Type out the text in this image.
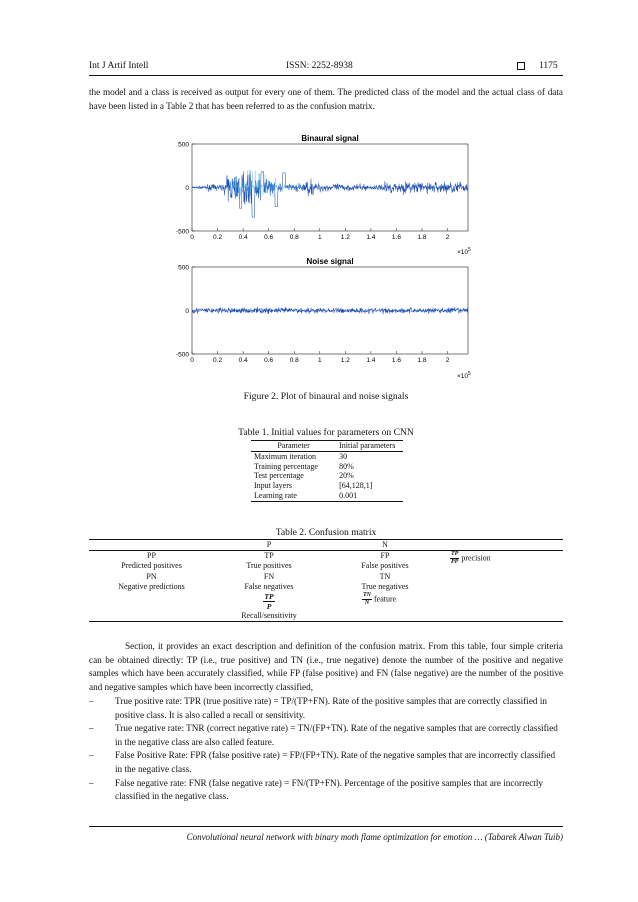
Int J Artif Intell	ISSN: 2252-8938	1175
the model and a class is received as output for every one of them. The predicted class of the model and the actual class of data have been listed in a Table 2 that has been referred to as the confusion matrix.
Binaural signal
500
0
-500
0	0.2	0.4	0.6	0.8	1	1.2	1.4	1.6	1.8	2
$\times 10^5$
Noise signal
500
0
-500
0	0.2	0.4	0.6	0.8	1	1.2	1.4	1.6	1.8	2
$\times 10^5$
Figure 2. Plot of binaural and noise signals
Table 1. Initial values for parameters on CNN
Parameter	Initial parameters
Maximum iteration	30
Training percentage	80%
Test percentage	20%
Input layers	[64,128,1]
Learning rate	0.001
Table 2. Confusion matrix
	P	N	
PP	TP	FP	$\frac{TP}{PP}$ precision
Predicted positives	True positives	False positives	
PN	FN	TN	
Negative predictions	False negatives	True negatives	

	$\frac{TP}{P}$	$\frac{TN}{N}$ feature	
	Recall/sensitivity		
Section, it provides an exact description and definition of the confusion matrix. From this table, four simple criteria can be obtained directly: TP (i.e., true positive) and TN (i.e., true negative) denote the number of the positive and negative samples which have been accurately classified, while FP (false positive) and FN (false negative) are the number of the positive and negative samples which have been incorrectly classified,
– True positive rate: TPR (true positive rate) = TP/(TP+FN). Rate of the positive samples that are correctly classified in positive class. It is also called a recall or sensitivity.
– True negative rate: TNR (correct negative rate) = TN/(FP+TN). Rate of the negative samples that are correctly classified in the negative class are also called feature.
– False Positive Rate: FPR (false positive rate) = FP/(FP+TN). Rate of the negative samples that are incorrectly classified in the negative class.
– False negative rate: FNR (false negative rate) = FN/(TP+FN). Percentage of the positive samples that are incorrectly classified in the negative class.
Convolutional neural network with binary moth flame optimization for emotion … (Tabarek Alwan Tuib)
